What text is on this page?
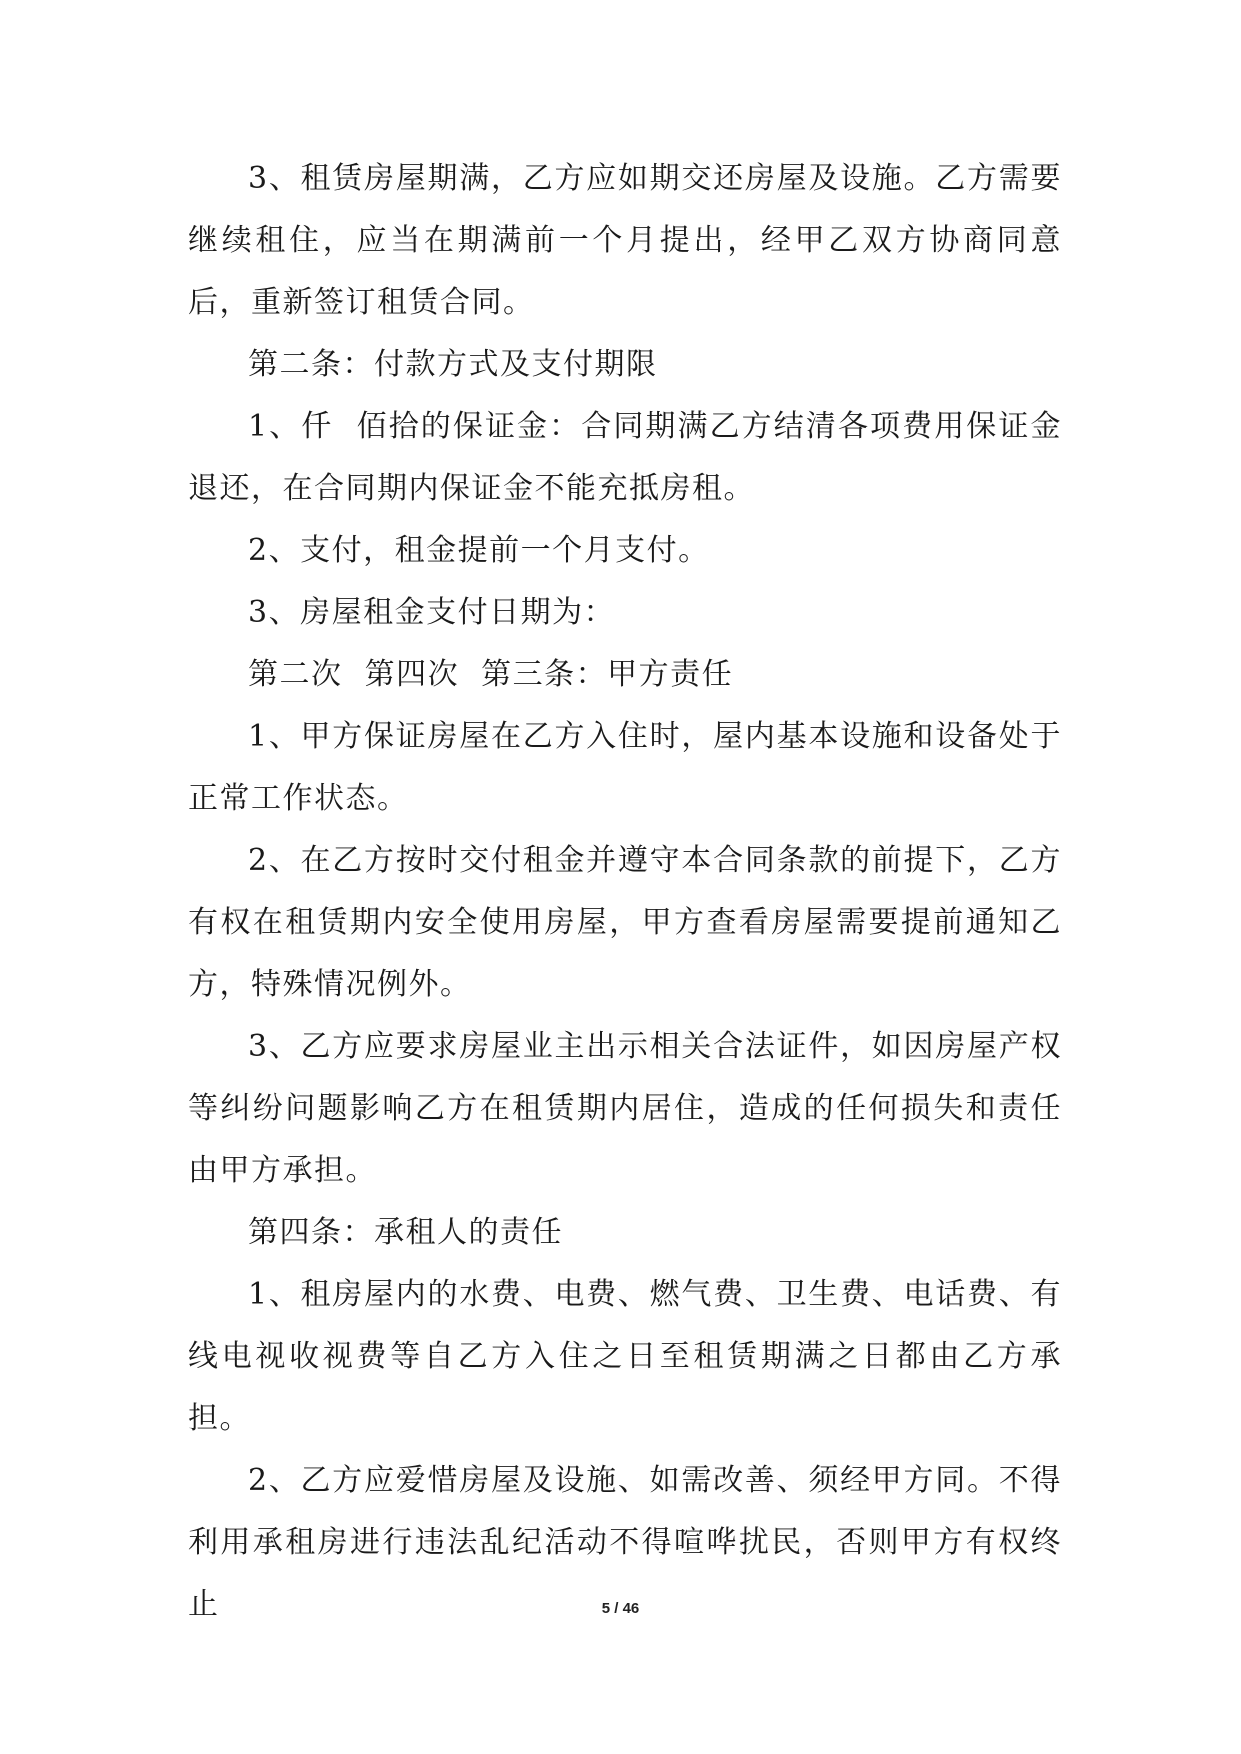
3、租赁房屋期满，乙方应如期交还房屋及设施。乙方需要继续租住，应当在期满前一个月提出，经甲乙双方协商同意后，重新签订租赁合同。

第二条：付款方式及支付期限

1、仟  佰拾的保证金：合同期满乙方结清各项费用保证金退还，在合同期内保证金不能充抵房租。

2、支付，租金提前一个月支付。

3、房屋租金支付日期为：

第二次  第四次  第三条：甲方责任

1、甲方保证房屋在乙方入住时，屋内基本设施和设备处于正常工作状态。

2、在乙方按时交付租金并遵守本合同条款的前提下，乙方有权在租赁期内安全使用房屋，甲方查看房屋需要提前通知乙方，特殊情况例外。

3、乙方应要求房屋业主出示相关合法证件，如因房屋产权等纠纷问题影响乙方在租赁期内居住，造成的任何损失和责任由甲方承担。

第四条：承租人的责任

1、租房屋内的水费、电费、燃气费、卫生费、电话费、有线电视收视费等自乙方入住之日至租赁期满之日都由乙方承担。

2、乙方应爱惜房屋及设施、如需改善、须经甲方同。不得利用承租房进行违法乱纪活动不得喧哗扰民，否则甲方有权终止	5 / 46
